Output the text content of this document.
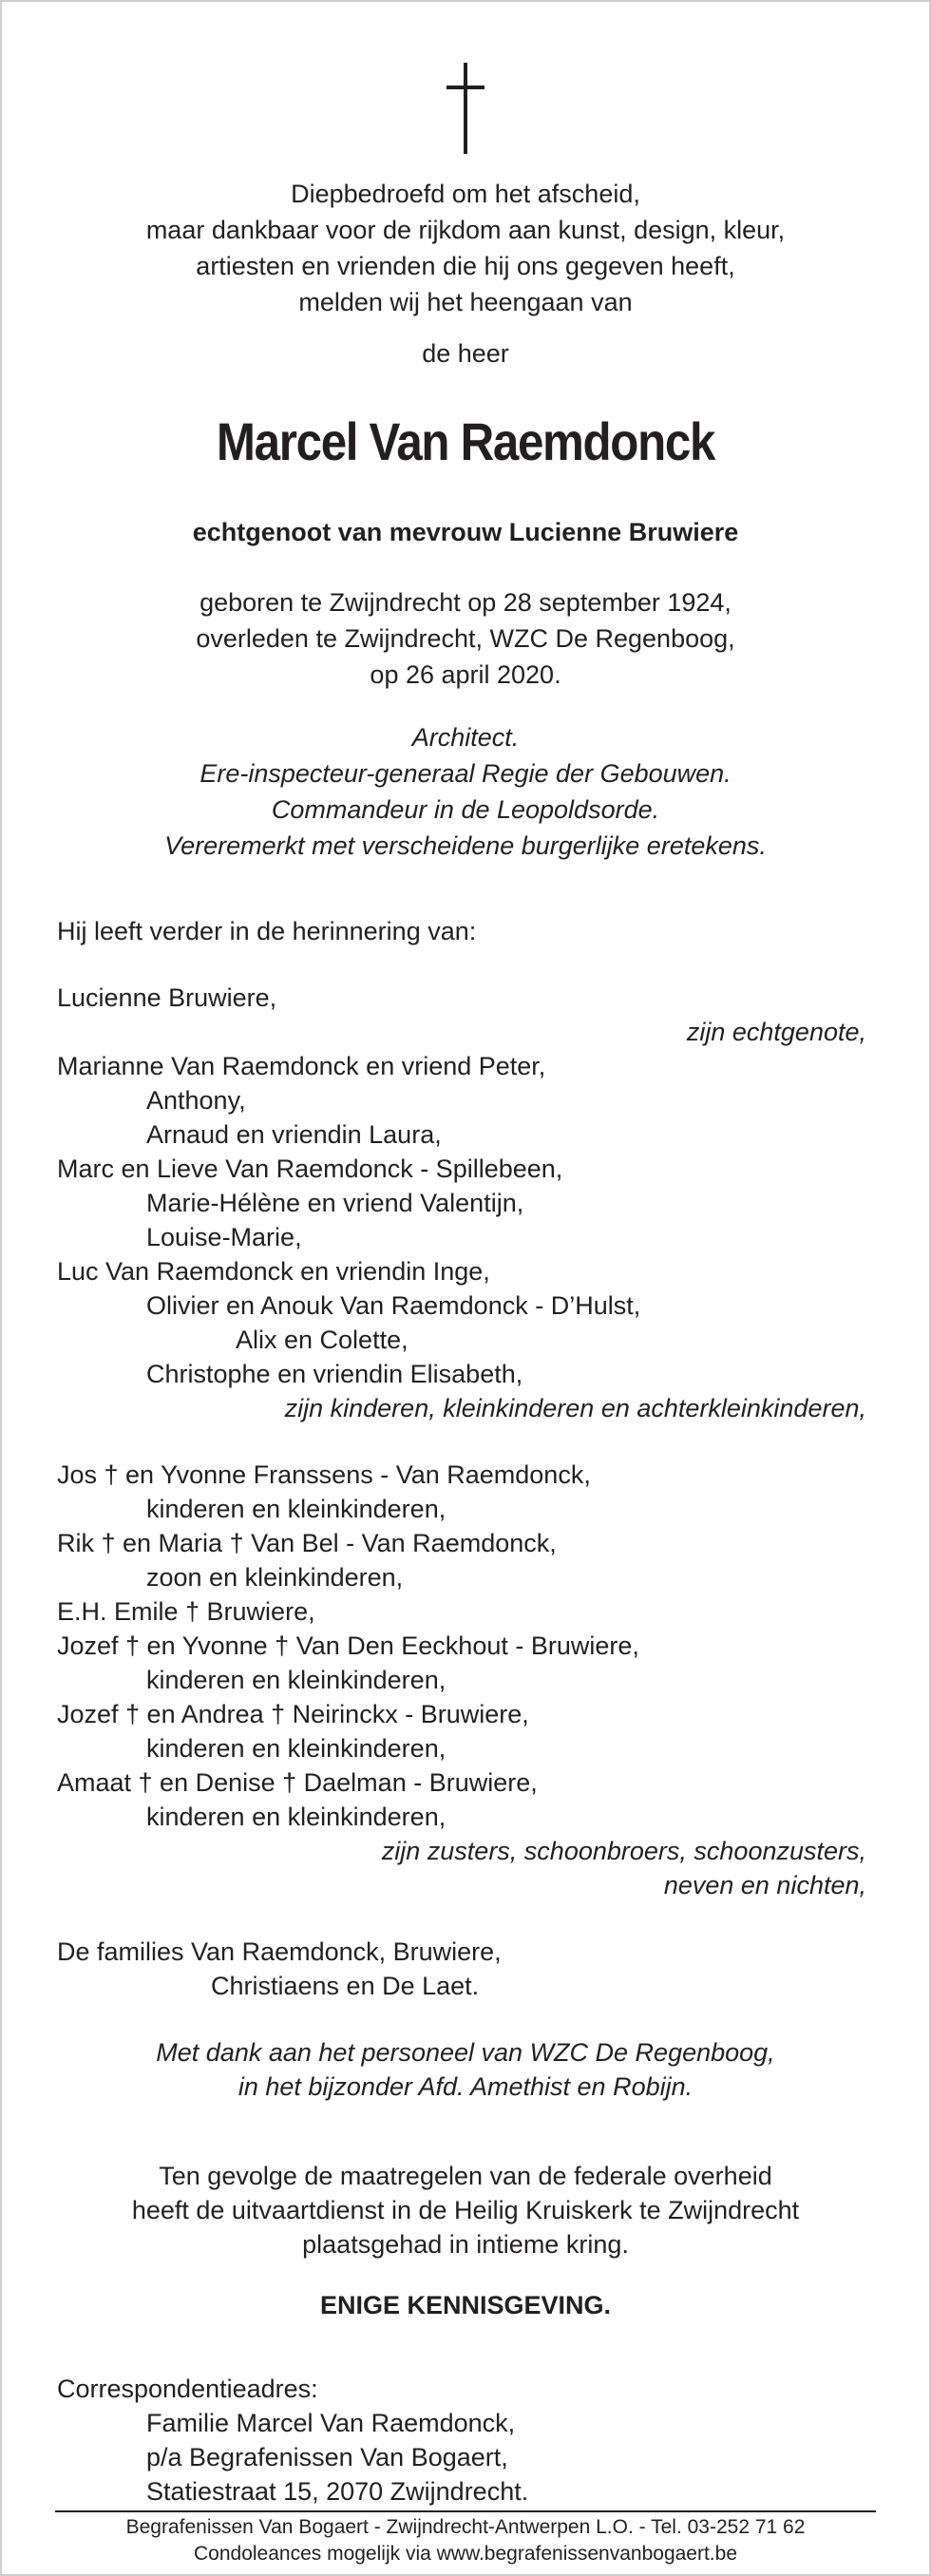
Diepbedroefd om het afscheid,
maar dankbaar voor de rijkdom aan kunst, design, kleur,
artiesten en vrienden die hij ons gegeven heeft,
melden wij het heengaan van
de heer
Marcel Van Raemdonck
echtgenoot van mevrouw Lucienne Bruwiere
geboren te Zwijndrecht op 28 september 1924,
overleden te Zwijndrecht, WZC De Regenboog,
op 26 april 2020.
Architect.
Ere-inspecteur-generaal Regie der Gebouwen.
Commandeur in de Leopoldsorde.
Vereremerkt met verscheidene burgerlijke eretekens.
Hij leeft verder in de herinnering van:
Lucienne Bruwiere,
zijn echtgenote,
Marianne Van Raemdonck en vriend Peter,
Anthony,
Arnaud en vriendin Laura,
Marc en Lieve Van Raemdonck - Spillebeen,
Marie-Hélène en vriend Valentijn,
Louise-Marie,
Luc Van Raemdonck en vriendin Inge,
Olivier en Anouk Van Raemdonck - D’Hulst,
Alix en Colette,
Christophe en vriendin Elisabeth,
zijn kinderen, kleinkinderen en achterkleinkinderen,
Jos † en Yvonne Franssens - Van Raemdonck,
kinderen en kleinkinderen,
Rik † en Maria † Van Bel - Van Raemdonck,
zoon en kleinkinderen,
E.H. Emile † Bruwiere,
Jozef † en Yvonne † Van Den Eeckhout - Bruwiere,
kinderen en kleinkinderen,
Jozef † en Andrea † Neirinckx - Bruwiere,
kinderen en kleinkinderen,
Amaat † en Denise † Daelman - Bruwiere,
kinderen en kleinkinderen,
zijn zusters, schoonbroers, schoonzusters,
neven en nichten,
De families Van Raemdonck, Bruwiere,
Christiaens en De Laet.
Met dank aan het personeel van WZC De Regenboog,
in het bijzonder Afd. Amethist en Robijn.
Ten gevolge de maatregelen van de federale overheid
heeft de uitvaartdienst in de Heilig Kruiskerk te Zwijndrecht
plaatsgehad in intieme kring.
ENIGE KENNISGEVING.
Correspondentieadres:
Familie Marcel Van Raemdonck,
p/a Begrafenissen Van Bogaert,
Statiestraat 15, 2070 Zwijndrecht.
Begrafenissen Van Bogaert - Zwijndrecht-Antwerpen L.O. - Tel. 03-252 71 62
Condoleances mogelijk via www.begrafenissenvanbogaert.be
